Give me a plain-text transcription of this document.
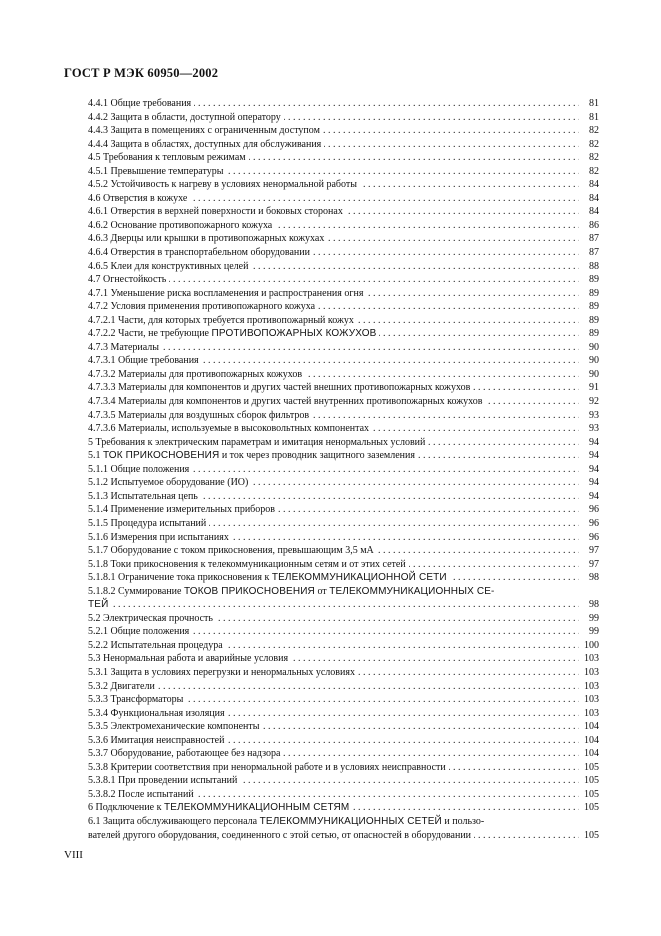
ГОСТ Р МЭК 60950—2002
. . .
4.4.1 Общие требования	81
. . .
4.4.2 Защита в области, доступной оператору	81
. . .
4.4.3 Защита в помещениях с ограниченным доступом	82
. . .
4.4.4 Защита в областях, доступных для обслуживания	82
. . .
4.5 Требования к тепловым режимам	82
. . .
4.5.1 Превышение температуры	82
. . .
4.5.2 Устойчивость к нагреву в условиях ненормальной работы	84
. . .
4.6 Отверстия в кожухе	84
. . .
4.6.1 Отверстия в верхней поверхности и боковых сторонах	84
. . .
4.6.2 Основание противопожарного кожуха	86
. . .
4.6.3 Дверцы или крышки в противопожарных кожухах	87
. . .
4.6.4 Отверстия в транспортабельном оборудовании	87
. . .
4.6.5 Клеи для конструктивных целей	88
. . .
4.7 Огнестойкость	89
. . .
4.7.1 Уменьшение риска воспламенения и распространения огня	89
. . .
4.7.2 Условия применения противопожарного кожуха	89
. . .
4.7.2.1 Части, для которых требуется противопожарный кожух	89
. . .
4.7.2.2 Части, не требующие ПРОТИВОПОЖАРНЫХ КОЖУХОВ	89
. . .
4.7.3 Материалы	90
. . .
4.7.3.1 Общие требования	90
. . .
4.7.3.2 Материалы для противопожарных кожухов	90
. . .
4.7.3.3 Материалы для компонентов и других частей внешних противопожарных кожухов	91
. . .
4.7.3.4 Материалы для компонентов и других частей внутренних противопожарных кожухов	92
. . .
4.7.3.5 Материалы для воздушных сборок фильтров	93
. . .
4.7.3.6 Материалы, используемые в высоковольтных компонентах	93
. . .
5 Требования к электрическим параметрам и имитация ненормальных условий	94
. . .
5.1 ТОК ПРИКОСНОВЕНИЯ и ток через проводник защитного заземления	94
. . .
5.1.1 Общие положения	94
. . .
5.1.2 Испытуемое оборудование (ИО)	94
. . .
5.1.3 Испытательная цепь	94
. . .
5.1.4 Применение измерительных приборов	96
. . .
5.1.5 Процедура испытаний	96
. . .
5.1.6 Измерения при испытаниях	96
. . .
5.1.7 Оборудование с током прикосновения, превышающим 3,5 мА	97
. . .
5.1.8 Токи прикосновения к телекоммуникационным сетям и от этих сетей	97
. . .
5.1.8.1 Ограничение тока прикосновения к ТЕЛЕКОММУНИКАЦИОННОЙ СЕТИ	98
5.1.8.2 Суммирование ТОКОВ ПРИКОСНОВЕНИЯ от ТЕЛЕКОММУНИКАЦИОННЫХ СЕ-
. . .
ТЕЙ	98
. . .
5.2 Электрическая прочность	99
. . .
5.2.1 Общие положения	99
. . .
5.2.2 Испытательная процедура	100
. . .
5.3 Ненормальная работа и аварийные условия	103
. . .
5.3.1 Защита в условиях перегрузки и ненормальных условиях	103
. . .
5.3.2 Двигатели	103
. . .
5.3.3 Трансформаторы	103
. . .
5.3.4 Функциональная изоляция	103
. . .
5.3.5 Электромеханические компоненты	104
. . .
5.3.6 Имитация неисправностей	104
. . .
5.3.7 Оборудование, работающее без надзора	104
. . .
5.3.8 Критерии соответствия при ненормальной работе и в условиях неисправности	105
. . .
5.3.8.1 При проведении испытаний	105
. . .
5.3.8.2 После испытаний	105
. . .
6 Подключение к ТЕЛЕКОММУНИКАЦИОННЫМ СЕТЯМ	105
6.1 Защита обслуживающего персонала ТЕЛЕКОММУНИКАЦИОННЫХ СЕТЕЙ и пользо-
. . .
вателей другого оборудования, соединенного с этой сетью, от опасностей в оборудовании	105
VIII
